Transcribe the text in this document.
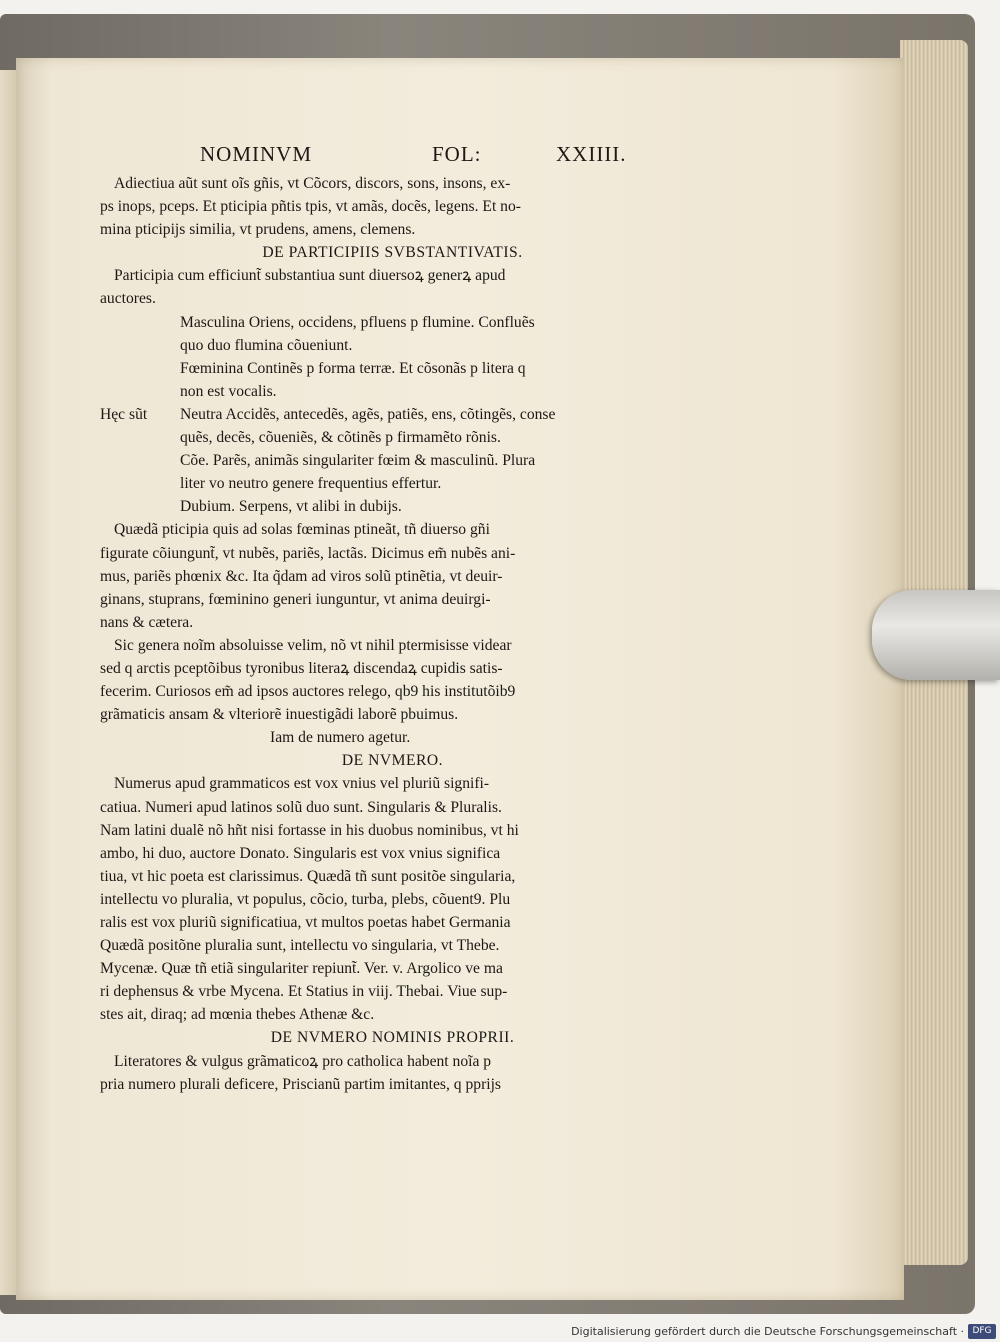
NOMINVM	FOL:	XXIIII.
Adiectiua aũt sunt oĩs gñis, vt Cõcors, discors, sons, insons, ex-
ps inops, pceps. Et pticipia pñtis tpis, vt amãs, docẽs, legens. Et no-
mina pticipijs similia, vt prudens, amens, clemens.
DE PARTICIPIIS SVBSTANTIVATIS.
Participia cum efficiunt̃ substantiua sunt diuersoꝝ generꝝ apud
auctores.
Masculina Oriens, occidens, pfluens p flumine. Confluẽs
quo duo flumina cõueniunt.
Fœminina Continẽs p forma terræ. Et cõsonãs p litera q
non est vocalis.
Hęc sũt Neutra Accidẽs, antecedẽs, agẽs, patiẽs, ens, cõtingẽs, conse
quẽs, decẽs, cõueniẽs, & cõtinẽs p firmamẽto rõnis.
Cõe. Parẽs, animãs singulariter fœim & masculinũ. Plura
liter vo neutro genere frequentius effertur.
Dubium. Serpens, vt alibi in dubijs.
Quædã pticipia quis ad solas fœminas ptineãt, tñ diuerso gñi
figurate cõiungunt̃, vt nubẽs, pariẽs, lactãs. Dicimus em̃ nubẽs ani-
mus, pariẽs phœnix &c. Ita q̃dam ad viros solũ ptinẽtia, vt deuir-
ginans, stuprans, fœminino generi iunguntur, vt anima deuirgi-
nans & cætera.
Sic genera noĩm absoluisse velim, nõ vt nihil ptermisisse videar
sed q arctis pceptõibus tyronibus literaꝝ discendaꝝ cupidis satis-
fecerim. Curiosos em̃ ad ipsos auctores relego, qb9 his institutõib9
grãmaticis ansam & vlteriorẽ inuestigãdi laborẽ pbuimus.
Iam de numero agetur.
DE NVMERO.
Numerus apud grammaticos est vox vnius vel pluriũ signifi-
catiua. Numeri apud latinos solũ duo sunt. Singularis & Pluralis.
Nam latini dualẽ nõ hñt nisi fortasse in his duobus nominibus, vt hi
ambo, hi duo, auctore Donato. Singularis est vox vnius significa
tiua, vt hic poeta est clarissimus. Quædã tñ sunt positõe singularia,
intellectu vo pluralia, vt populus, cõcio, turba, plebs, cõuent9. Plu
ralis est vox pluriũ significatiua, vt multos poetas habet Germania
Quædã positõne pluralia sunt, intellectu vo singularia, vt Thebe.
Mycenæ. Quæ tñ etiã singulariter repiunt̃. Ver. v. Argolico ve ma
ri dephensus & vrbe Mycena. Et Statius in viij. Thebai. Viue sup-
stes ait, diraq; ad mœnia thebes Athenæ &c.
DE NVMERO NOMINIS PROPRII.
Literatores & vulgus grãmaticoꝝ pro catholica habent noĩa p
pria numero plurali deficere, Priscianũ partim imitantes, q pprijs
Digitalisierung gefördert durch die Deutsche Forschungsgemeinschaft · DFG
